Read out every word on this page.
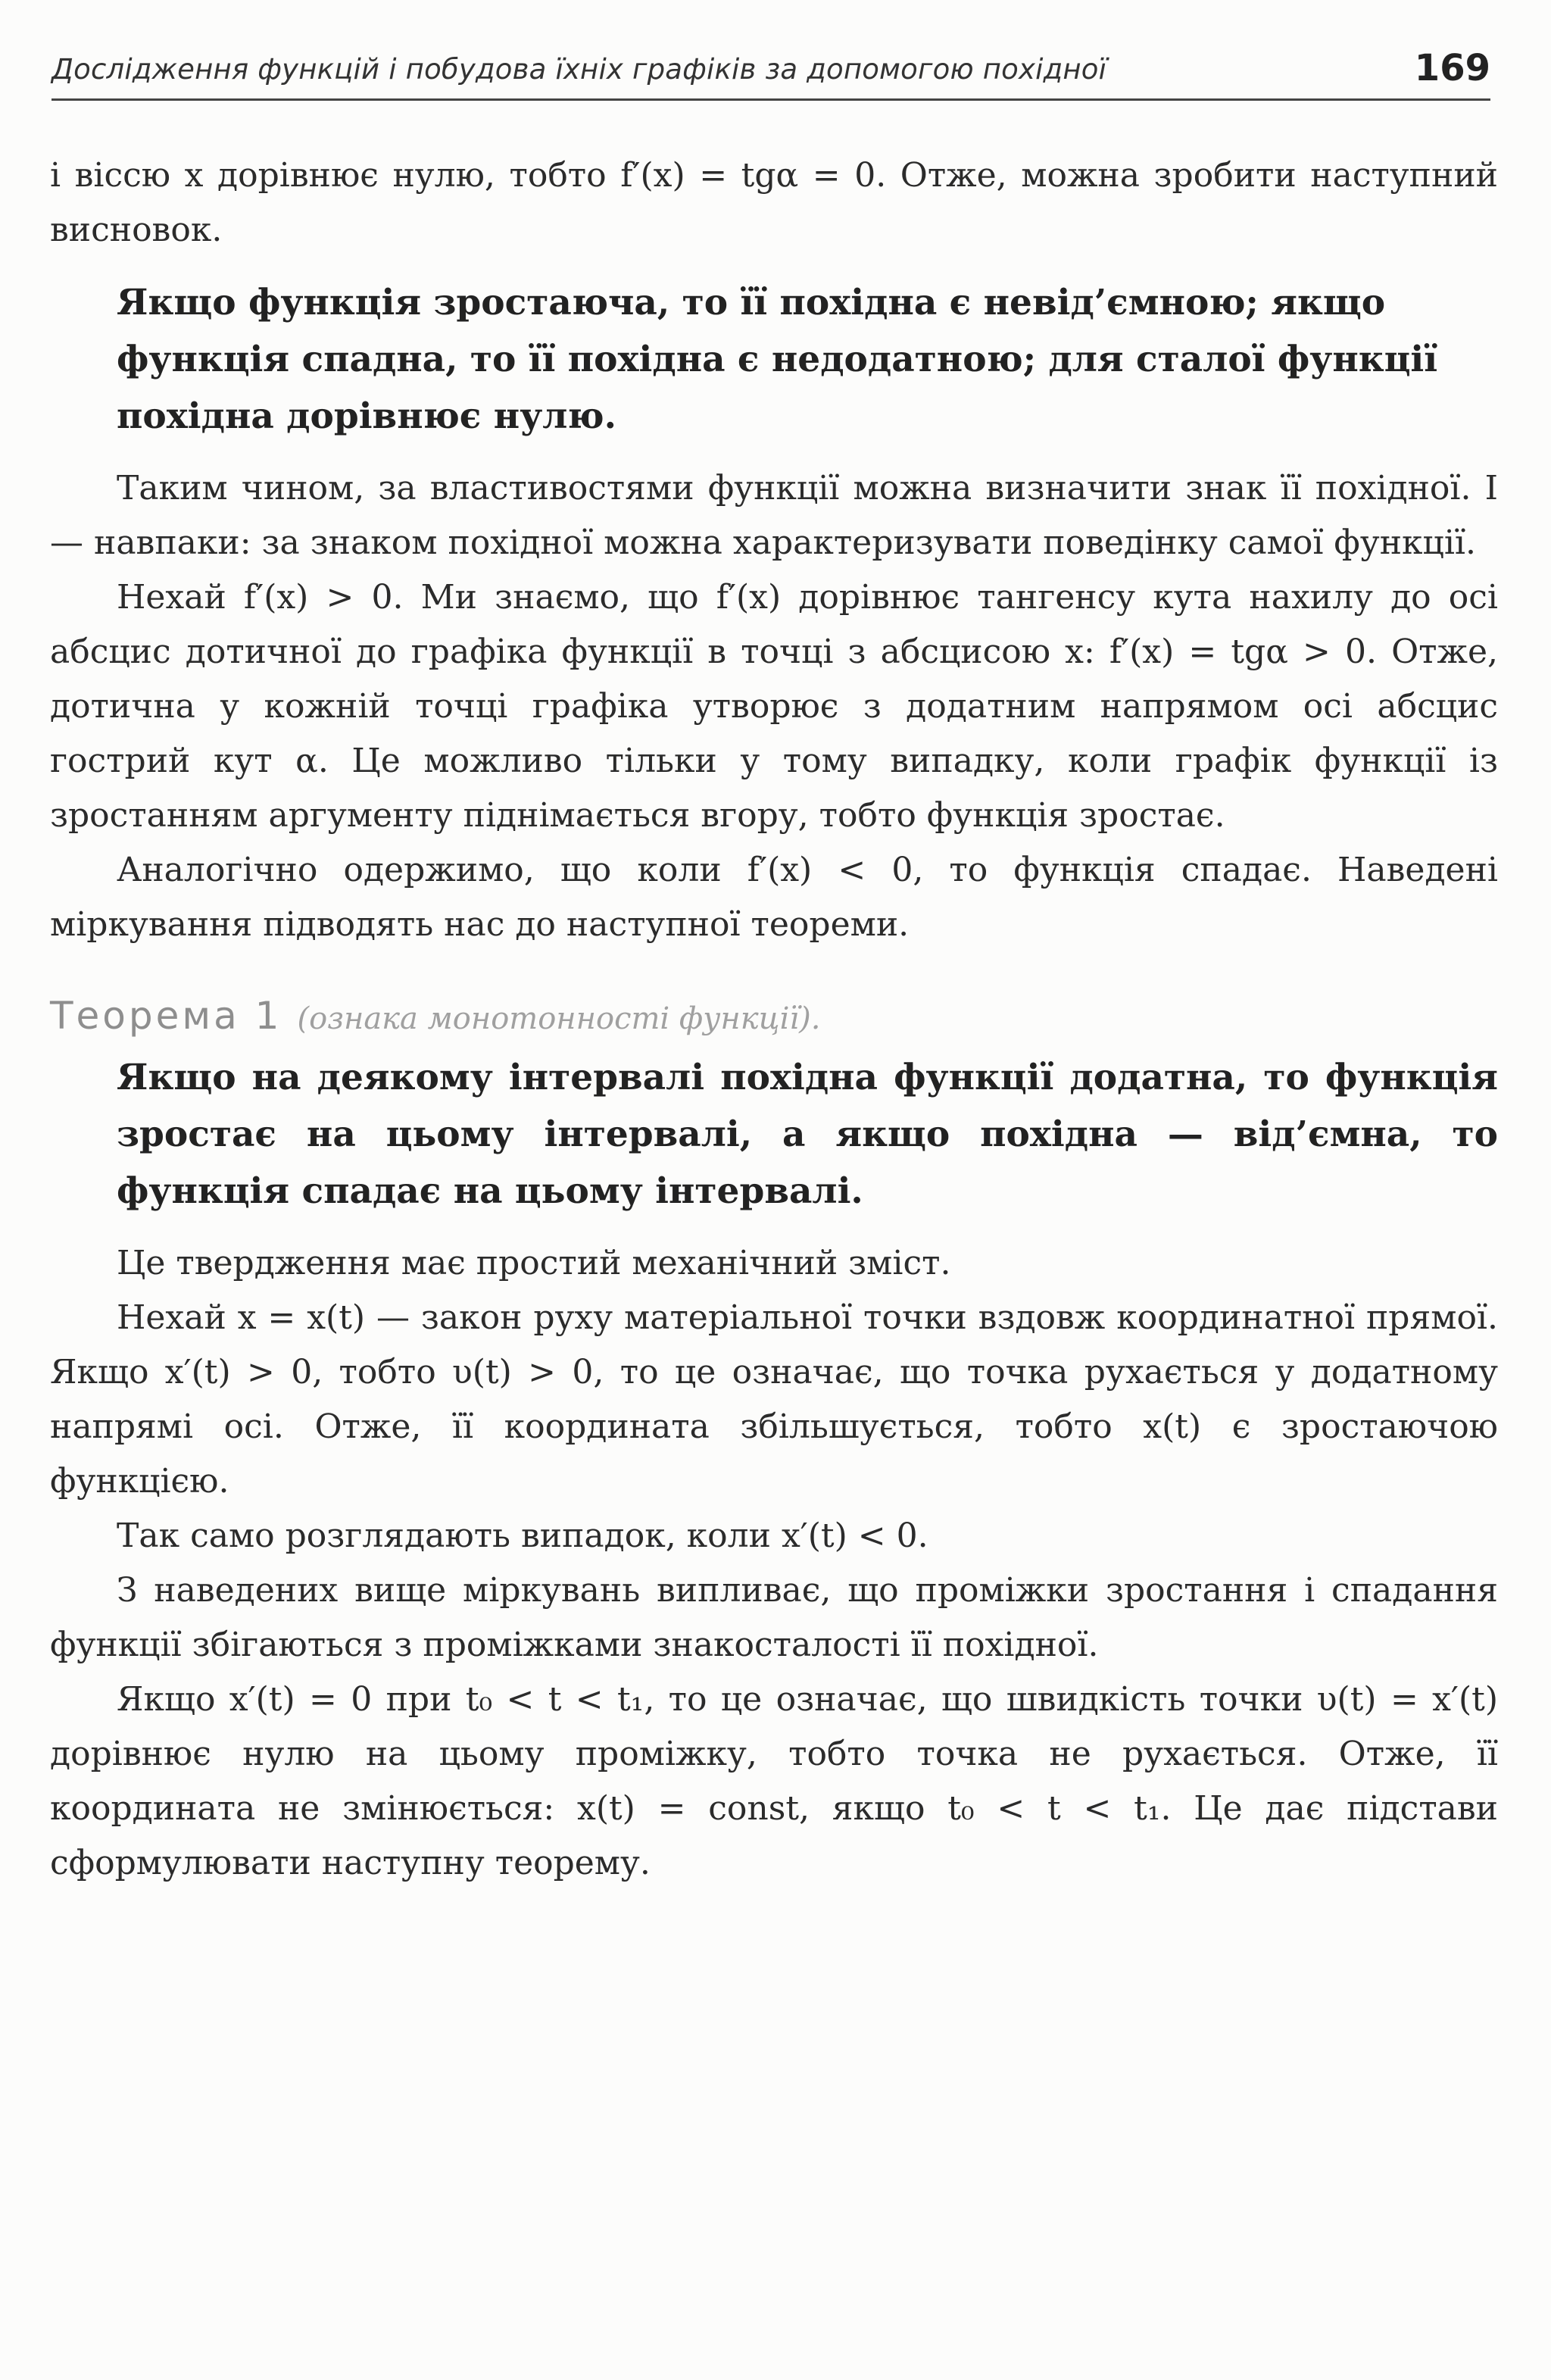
Дослідження функцій і побудова їхніх графіків за допомогою похідної	169

і віссю x дорівнює нулю, тобто f′(x) = tgα = 0. Отже, можна зробити наступний висновок.

Якщо функція зростаюча, то її похідна є невід’ємною; якщо функція спадна, то її похідна є недодатною; для сталої функції похідна дорівнює нулю.

Таким чином, за властивостями функції можна визначити знак її похідної. І — навпаки: за знаком похідної можна характеризувати поведінку самої функції.

Нехай f′(x) > 0. Ми знаємо, що f′(x) дорівнює тангенсу кута нахилу до осі абсцис дотичної до графіка функції в точці з абсцисою x: f′(x) = tgα > 0. Отже, дотична у кожній точці графіка утворює з додатним напрямом осі абсцис гострий кут α. Це можливо тільки у тому випадку, коли графік функції із зростанням аргументу піднімається вгору, тобто функція зростає.

Аналогічно одержимо, що коли f′(x) < 0, то функція спадає. Наведені міркування підводять нас до наступної теореми.

Теорема 1 (ознака монотонності функції).

Якщо на деякому інтервалі похідна функції додатна, то функція зростає на цьому інтервалі, а якщо похідна — від’ємна, то функція спадає на цьому інтервалі.

Це твердження має простий механічний зміст.

Нехай x = x(t) — закон руху матеріальної точки вздовж координатної прямої. Якщо x′(t) > 0, тобто υ(t) > 0, то це означає, що точка рухається у додатному напрямі осі. Отже, її координата збільшується, тобто x(t) є зростаючою функцією.

Так само розглядають випадок, коли x′(t) < 0.

З наведених вище міркувань випливає, що проміжки зростання і спадання функції збігаються з проміжками знакосталості її похідної.

Якщо x′(t) = 0 при t₀ < t < t₁, то це означає, що швидкість точки υ(t) = x′(t) дорівнює нулю на цьому проміжку, тобто точка не рухається. Отже, її координата не змінюється: x(t) = const, якщо t₀ < t < t₁. Це дає підстави сформулювати наступну теорему.
